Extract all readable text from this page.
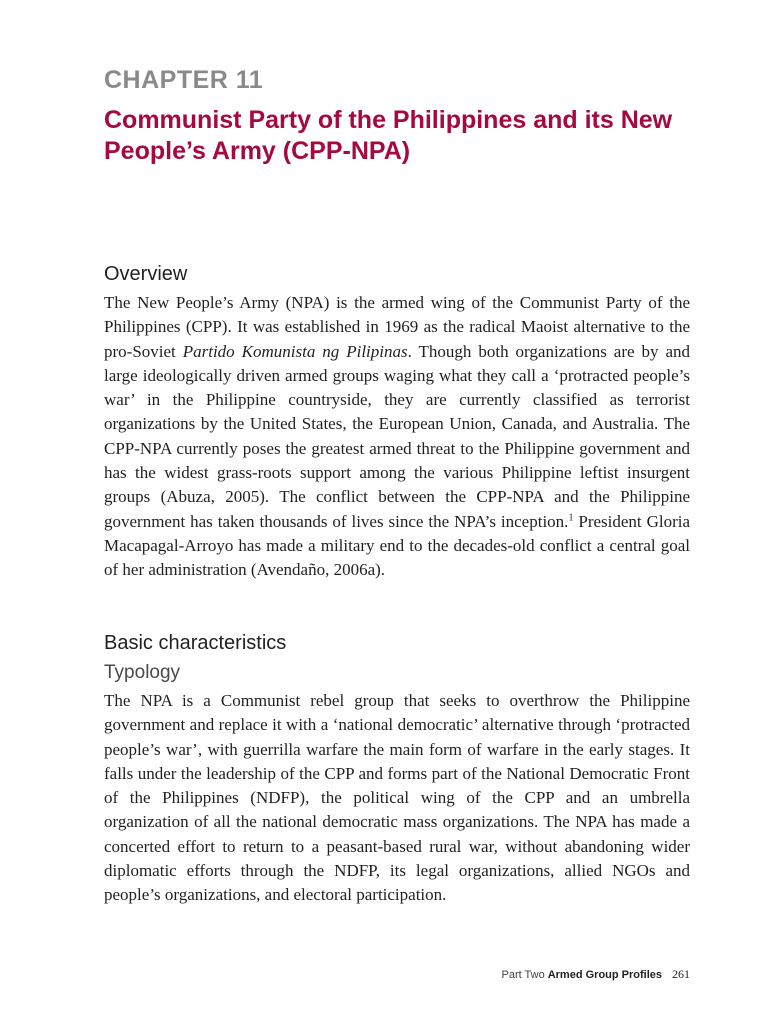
CHAPTER 11
Communist Party of the Philippines and its New People’s Army (CPP-NPA)
Overview

The New People’s Army (NPA) is the armed wing of the Communist Party of the Philippines (CPP). It was established in 1969 as the radical Maoist alternative to the pro-Soviet Partido Komunista ng Pilipinas. Though both organizations are by and large ideologically driven armed groups waging what they call a ‘protracted people’s war’ in the Philippine countryside, they are currently classified as terrorist organizations by the United States, the European Union, Canada, and Australia. The CPP-NPA currently poses the greatest armed threat to the Philippine government and has the widest grass-roots support among the various Philippine leftist insurgent groups (Abuza, 2005). The conflict between the CPP-NPA and the Philippine government has taken thousands of lives since the NPA’s inception.$^1$ President Gloria Macapagal-Arroyo has made a military end to the decades-old conflict a central goal of her administration (Avendaño, 2006a).

Basic characteristics
Typology

The NPA is a Communist rebel group that seeks to overthrow the Philippine government and replace it with a ‘national democratic’ alternative through ‘protracted people’s war’, with guerrilla warfare the main form of warfare in the early stages. It falls under the leadership of the CPP and forms part of the National Democratic Front of the Philippines (NDFP), the political wing of the CPP and an umbrella organization of all the national democratic mass organizations. The NPA has made a concerted effort to return to a peasant-based rural war, without abandoning wider diplomatic efforts through the NDFP, its legal organizations, allied NGOs and people’s organizations, and electoral participation.

Part Two Armed Group Profiles 261
